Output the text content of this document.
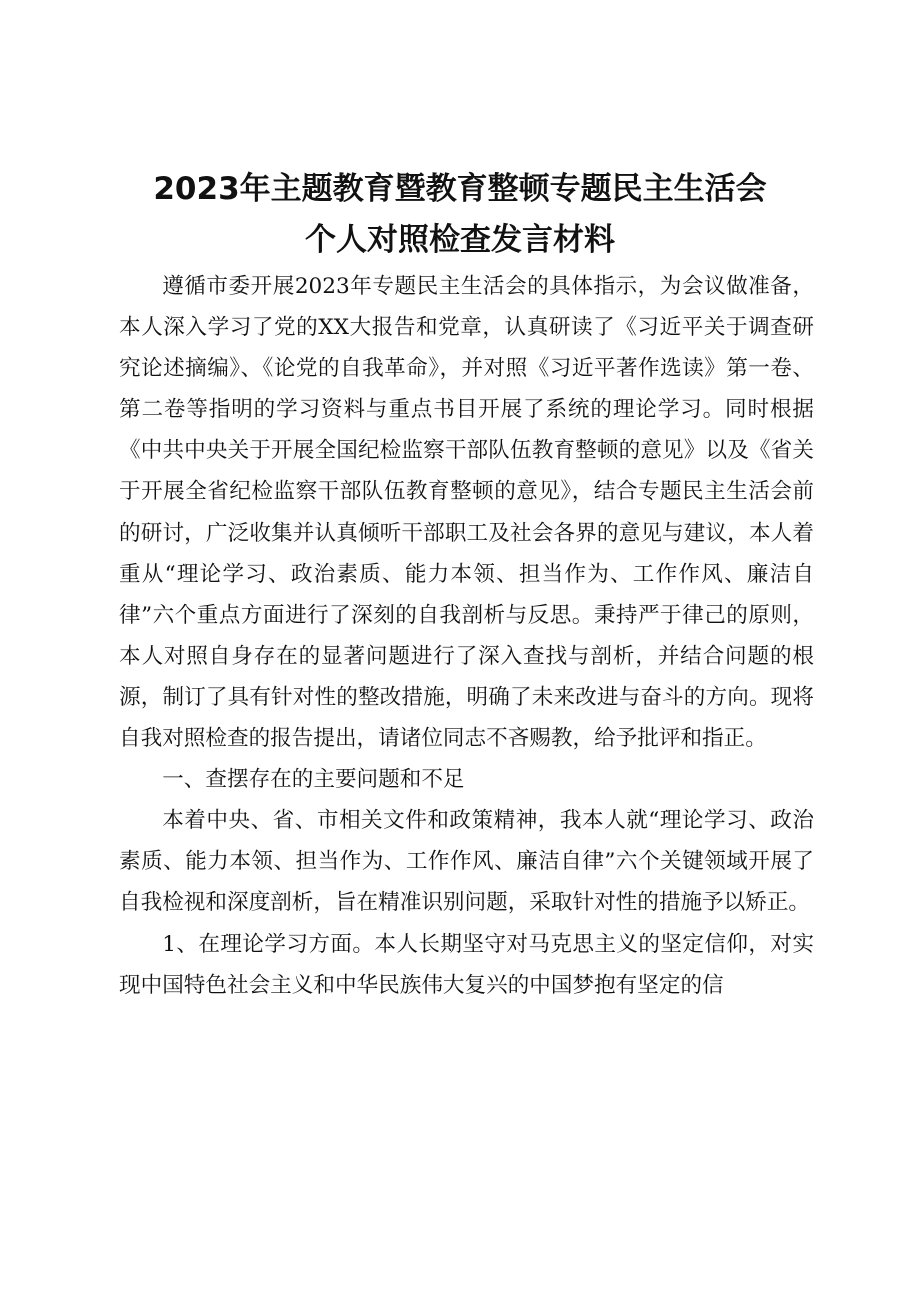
2023年主题教育暨教育整顿专题民主生活会
个人对照检查发言材料

遵循市委开展2023年专题民主生活会的具体指示，为会议做准备，本人深入学习了党的XX大报告和党章，认真研读了《习近平关于调查研究论述摘编》、《论党的自我革命》，并对照《习近平著作选读》第一卷、第二卷等指明的学习资料与重点书目开展了系统的理论学习。同时根据《中共中央关于开展全国纪检监察干部队伍教育整顿的意见》以及《省关于开展全省纪检监察干部队伍教育整顿的意见》，结合专题民主生活会前的研讨，广泛收集并认真倾听干部职工及社会各界的意见与建议，本人着重从“理论学习、政治素质、能力本领、担当作为、工作作风、廉洁自律”六个重点方面进行了深刻的自我剖析与反思。秉持严于律己的原则，本人对照自身存在的显著问题进行了深入查找与剖析，并结合问题的根源，制订了具有针对性的整改措施，明确了未来改进与奋斗的方向。现将自我对照检查的报告提出，请诸位同志不吝赐教，给予批评和指正。

一、查摆存在的主要问题和不足

本着中央、省、市相关文件和政策精神，我本人就“理论学习、政治素质、能力本领、担当作为、工作作风、廉洁自律”六个关键领域开展了自我检视和深度剖析，旨在精准识别问题，采取针对性的措施予以矫正。

1、在理论学习方面。本人长期坚守对马克思主义的坚定信仰，对实现中国特色社会主义和中华民族伟大复兴的中国梦抱有坚定的信
